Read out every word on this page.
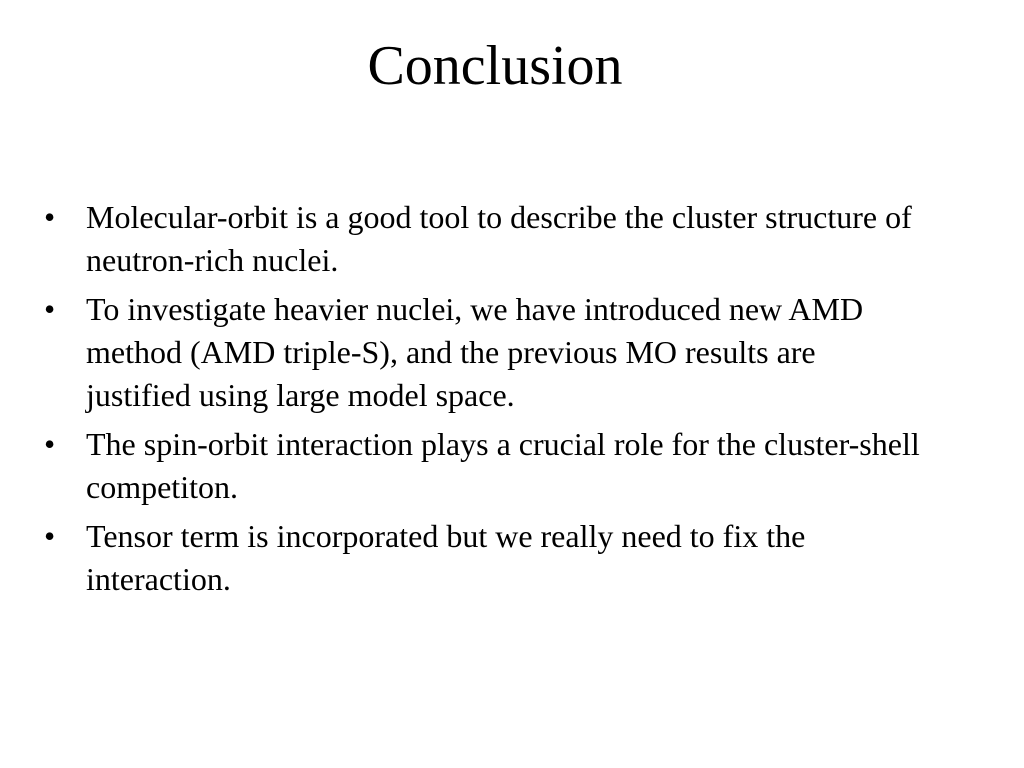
Conclusion
• Molecular-orbit is a good tool to describe the cluster structure of neutron-rich nuclei.
• To investigate heavier nuclei, we have introduced new AMD method (AMD triple-S), and the previous MO results are justified using large model space.
• The spin-orbit interaction plays a crucial role for the cluster-shell competiton.
• Tensor term is incorporated but we really need to fix the interaction.
